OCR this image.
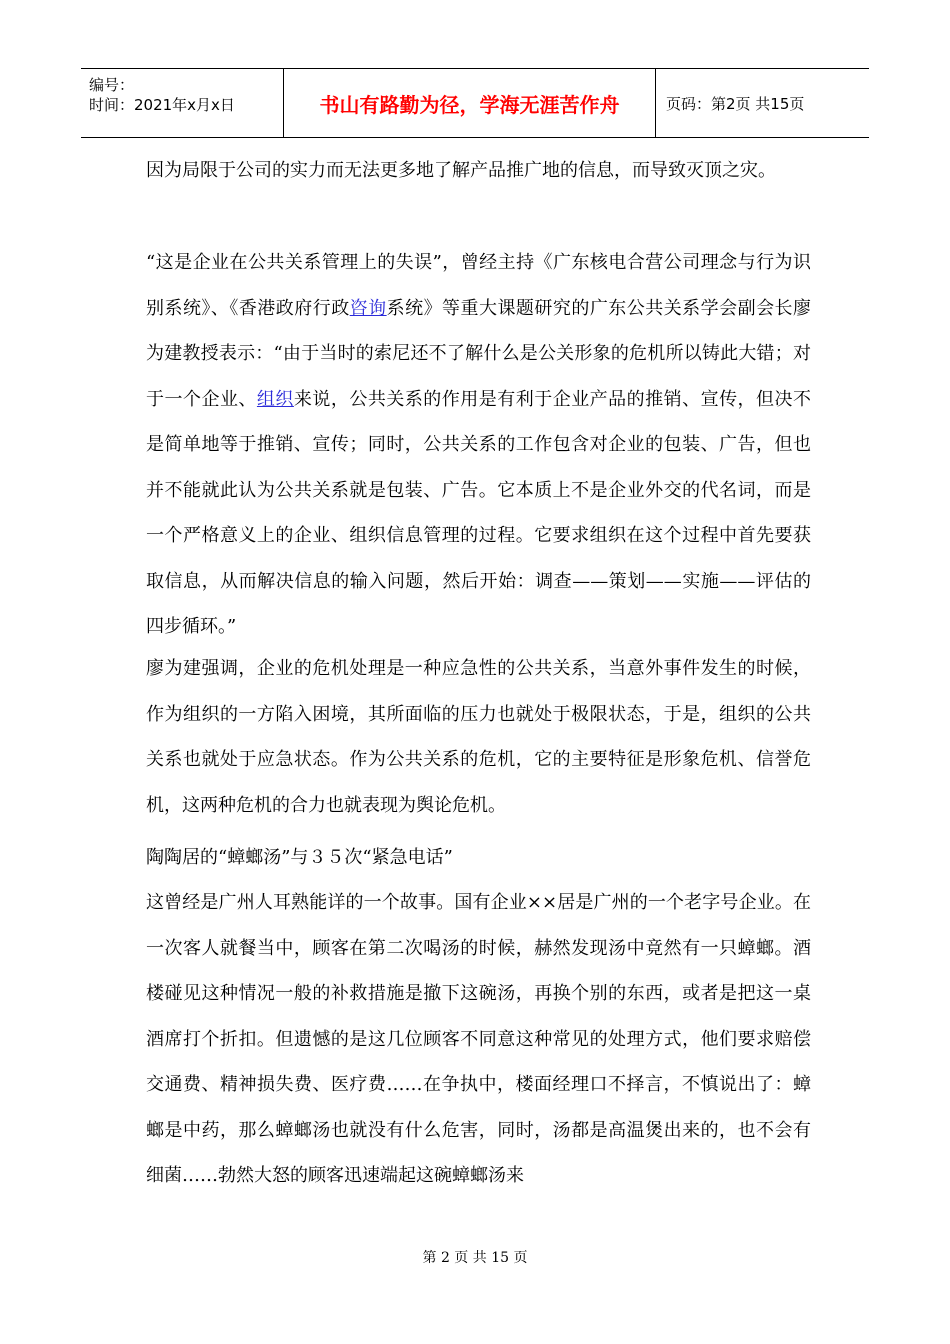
编号：
时间：2021年x月x日	书山有路勤为径，学海无涯苦作舟	页码：第2页 共15页

因为局限于公司的实力而无法更多地了解产品推广地的信息，而导致灭顶之灾。

“这是企业在公共关系管理上的失误”，曾经主持《广东核电合营公司理念与行为识别系统》、《香港政府行政咨询系统》等重大课题研究的广东公共关系学会副会长廖为建教授表示：“由于当时的索尼还不了解什么是公关形象的危机所以铸此大错；对于一个企业、组织来说，公共关系的作用是有利于企业产品的推销、宣传，但决不是简单地等于推销、宣传；同时，公共关系的工作包含对企业的包装、广告，但也并不能就此认为公共关系就是包装、广告。它本质上不是企业外交的代名词，而是一个严格意义上的企业、组织信息管理的过程。它要求组织在这个过程中首先要获取信息，从而解决信息的输入问题，然后开始：调查——策划——实施——评估的四步循环。”

廖为建强调，企业的危机处理是一种应急性的公共关系，当意外事件发生的时候，作为组织的一方陷入困境，其所面临的压力也就处于极限状态，于是，组织的公共关系也就处于应急状态。作为公共关系的危机，它的主要特征是形象危机、信誉危机，这两种危机的合力也就表现为舆论危机。

陶陶居的“蟑螂汤”与３５次“紧急电话”

这曾经是广州人耳熟能详的一个故事。国有企业××居是广州的一个老字号企业。在一次客人就餐当中，顾客在第二次喝汤的时候，赫然发现汤中竟然有一只蟑螂。酒楼碰见这种情况一般的补救措施是撤下这碗汤，再换个别的东西，或者是把这一桌酒席打个折扣。但遗憾的是这几位顾客不同意这种常见的处理方式，他们要求赔偿交通费、精神损失费、医疗费……在争执中，楼面经理口不择言，不慎说出了：蟑螂是中药，那么蟑螂汤也就没有什么危害，同时，汤都是高温煲出来的，也不会有细菌……勃然大怒的顾客迅速端起这碗蟑螂汤来

第 2 页 共 15 页
